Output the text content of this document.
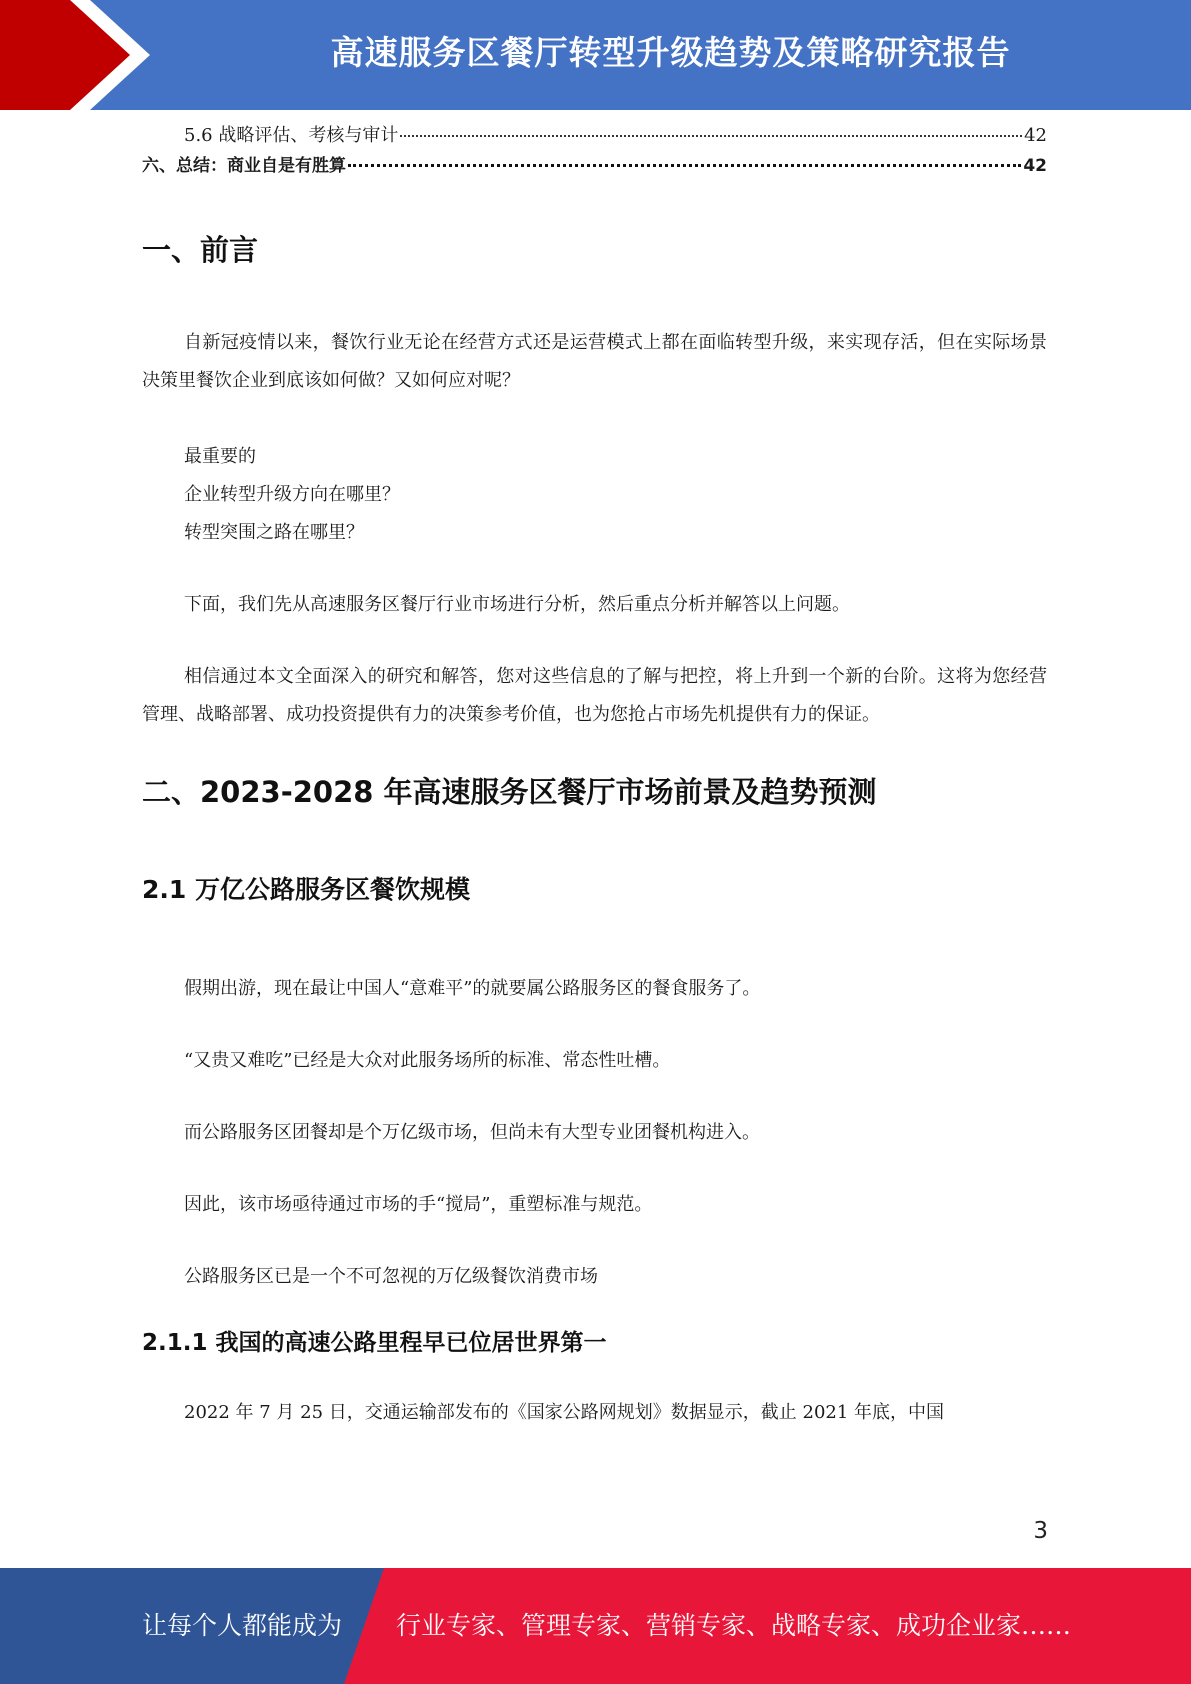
高速服务区餐厅转型升级趋势及策略研究报告
5.6 战略评估、考核与审计	42
六、总结：商业自是有胜算	42
一、前言

自新冠疫情以来，餐饮行业无论在经营方式还是运营模式上都在面临转型升级，来实现存活，但在实际场景决策里餐饮企业到底该如何做？又如何应对呢？

最重要的

企业转型升级方向在哪里？

转型突围之路在哪里？

下面，我们先从高速服务区餐厅行业市场进行分析，然后重点分析并解答以上问题。

相信通过本文全面深入的研究和解答，您对这些信息的了解与把控，将上升到一个新的台阶。这将为您经营管理、战略部署、成功投资提供有力的决策参考价值，也为您抢占市场先机提供有力的保证。

二、2023-2028 年高速服务区餐厅市场前景及趋势预测
2.1 万亿公路服务区餐饮规模

假期出游，现在最让中国人“意难平”的就要属公路服务区的餐食服务了。

“又贵又难吃”已经是大众对此服务场所的标准、常态性吐槽。

而公路服务区团餐却是个万亿级市场，但尚未有大型专业团餐机构进入。

因此，该市场亟待通过市场的手“搅局”，重塑标准与规范。

公路服务区已是一个不可忽视的万亿级餐饮消费市场

2.1.1 我国的高速公路里程早已位居世界第一

2022 年 7 月 25 日，交通运输部发布的《国家公路网规划》数据显示，截止 2021 年底，中国

3
让每个人都能成为 行业专家、管理专家、营销专家、战略专家、成功企业家……
